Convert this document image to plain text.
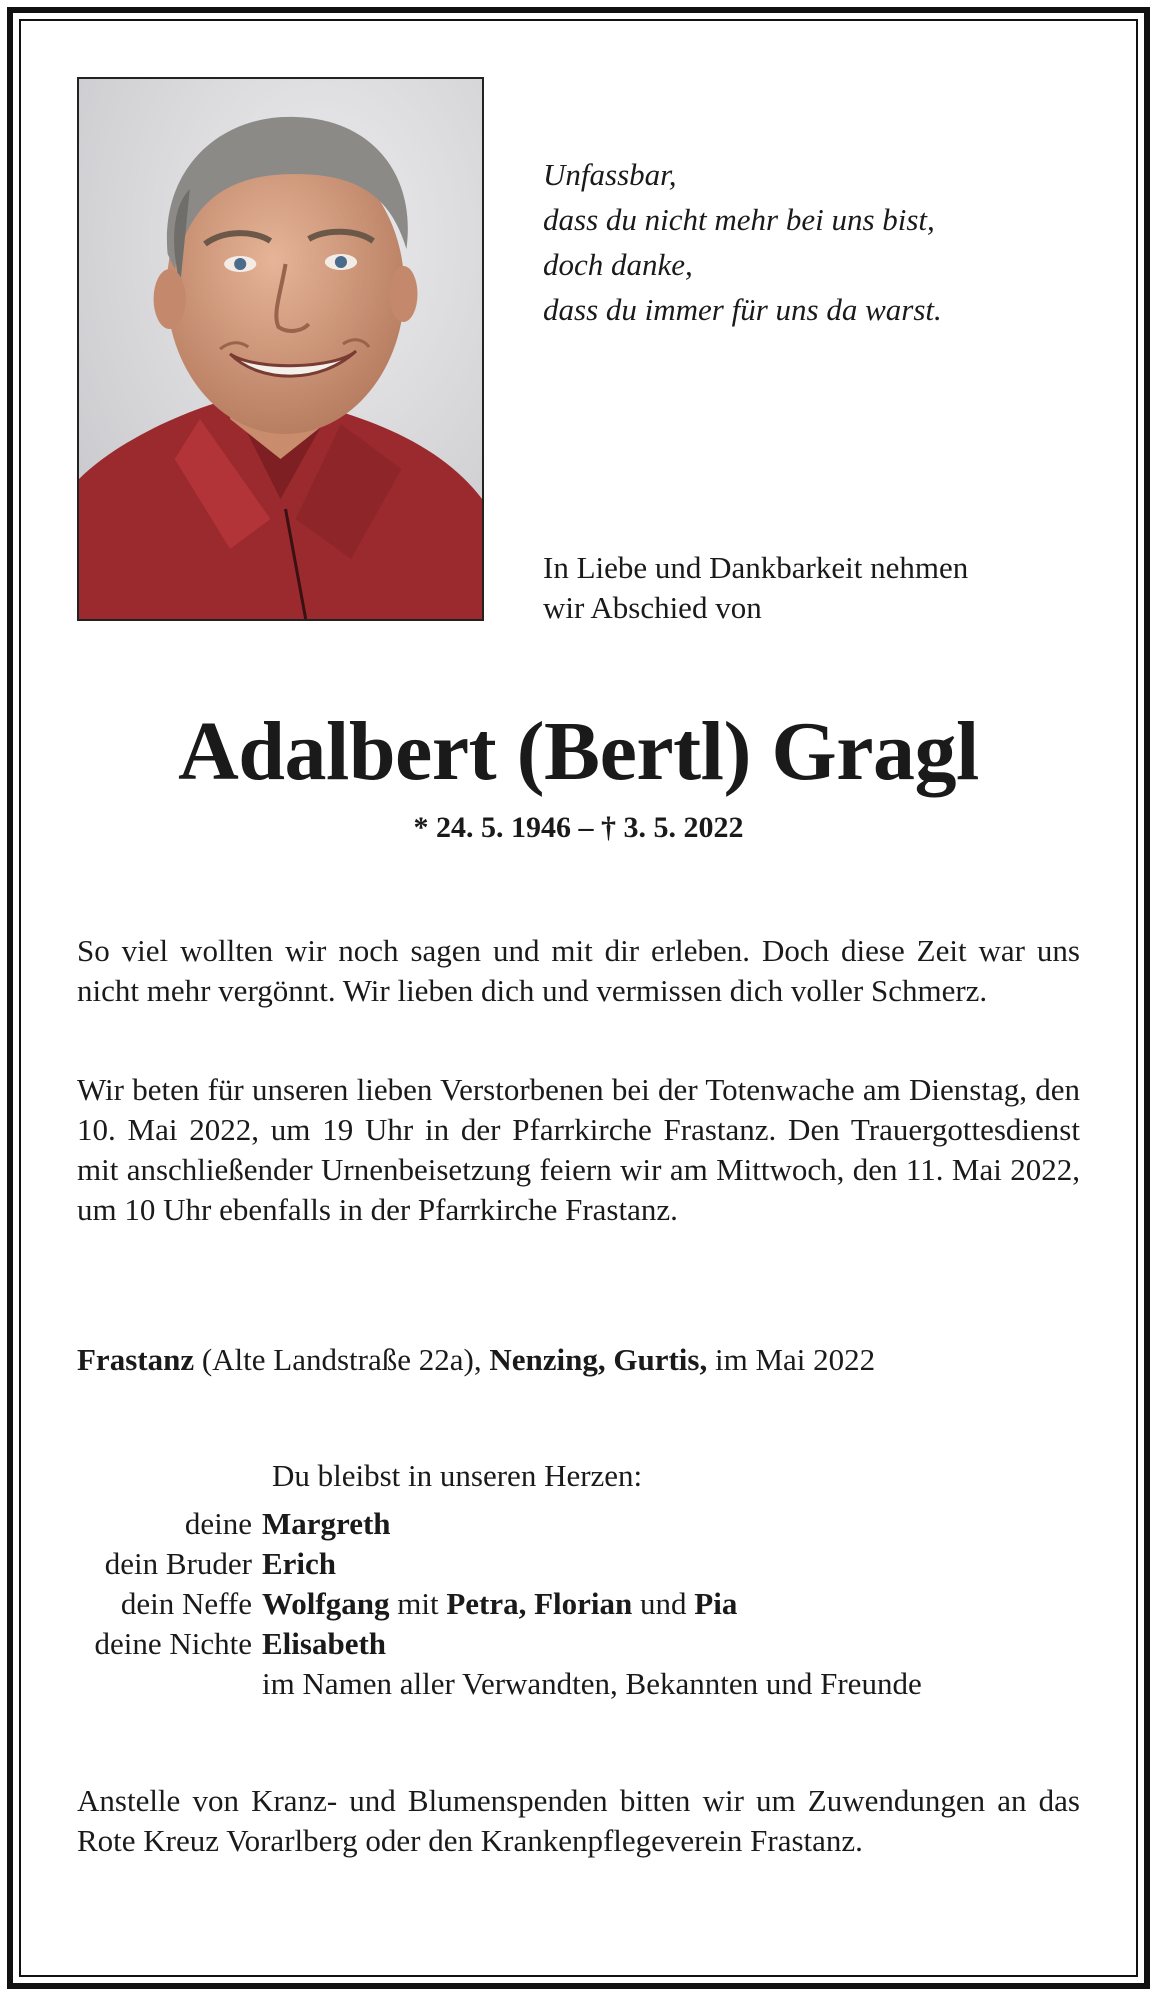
Unfassbar,
dass du nicht mehr bei uns bist,
doch danke,
dass du immer für uns da warst.
In Liebe und Dankbarkeit nehmen
wir Abschied von
Adalbert (Bertl) Gragl
* 24. 5. 1946 – † 3. 5. 2022
So viel wollten wir noch sagen und mit dir erleben. Doch diese Zeit war uns nicht mehr vergönnt. Wir lieben dich und vermissen dich voller Schmerz.
Wir beten für unseren lieben Verstorbenen bei der Totenwache am Dienstag, den 10. Mai 2022, um 19 Uhr in der Pfarrkirche Frastanz. Den Trauergottesdienst mit anschließender Urnenbeisetzung feiern wir am Mittwoch, den 11. Mai 2022, um 10 Uhr ebenfalls in der Pfarrkirche Frastanz.
Frastanz (Alte Landstraße 22a), Nenzing, Gurtis, im Mai 2022
Du bleibst in unseren Herzen:
deine Margreth
dein Bruder Erich
dein Neffe Wolfgang mit Petra, Florian und Pia
deine Nichte Elisabeth
im Namen aller Verwandten, Bekannten und Freunde
Anstelle von Kranz- und Blumenspenden bitten wir um Zuwendungen an das Rote Kreuz Vorarlberg oder den Krankenpflegeverein Frastanz.
